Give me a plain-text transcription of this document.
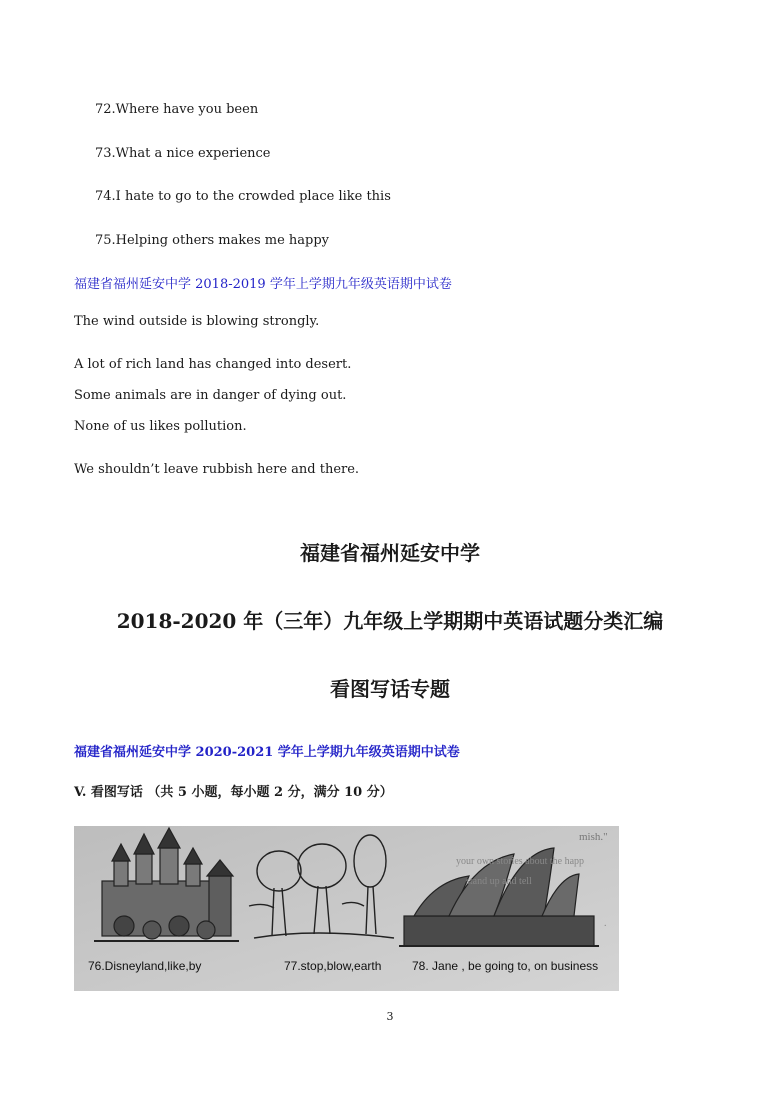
72.Where have you been
73.What a nice experience
74.I hate to go to the crowded place like this
75.Helping others makes me happy
福建省福州延安中学 2018-2019 学年上学期九年级英语期中试卷
The wind outside is blowing strongly.
A lot of rich land has changed into desert.
Some animals are in danger of dying out.
None of us likes pollution.
We shouldn’t leave rubbish here and there.
福建省福州延安中学
2018-2020 年（三年）九年级上学期期中英语试题分类汇编
看图写话专题
福建省福州延安中学 2020-2021 学年上学期九年级英语期中试卷
V. 看图写话 （共 5 小题，每小题 2 分，满分 10 分）
mish."
your own stories about the happ
stand up and tell
.
76.Disneyland,like,by	77.stop,blow,earth	78. Jane , be going to, on business
3
